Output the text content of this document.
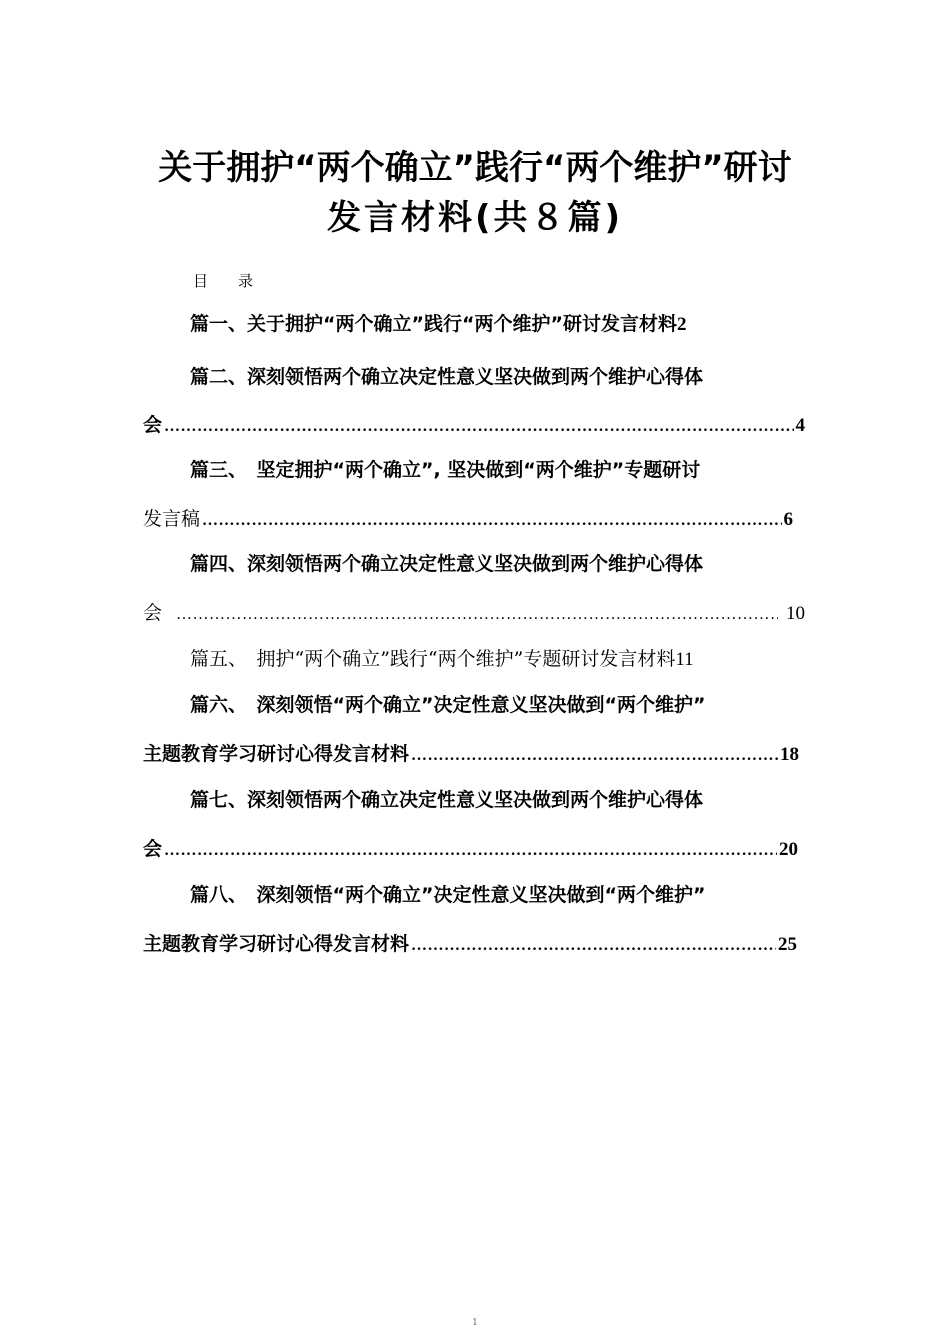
关于拥护“两个确立”践行“两个维护”研讨
发言材料(共８篇)
目　　录
篇一、关于拥护“两个确立”践行“两个维护”研讨发言材料2
篇二、深刻领悟两个确立决定性意义坚决做到两个维护心得体
会 ……………………………………………………………………………………………………………………………………	4
篇三、　坚定拥护“两个确立”, 坚决做到“两个维护”专题研讨
发言稿 ……………………………………………………………………………………………………………………………………	6
篇四、深刻领悟两个确立决定性意义坚决做到两个维护心得体
会 ……………………………………………………………………………………………………………………………………	10
篇五、　拥护“两个确立”践行“两个维护”专题研讨发言材料11
篇六、　深刻领悟“两个确立”决定性意义坚决做到“两个维护”
主题教育学习研讨心得发言材料 ……………………………………………………………………………………………………………………………………	18
篇七、深刻领悟两个确立决定性意义坚决做到两个维护心得体
会 ……………………………………………………………………………………………………………………………………	20
篇八、　深刻领悟“两个确立”决定性意义坚决做到“两个维护”
主题教育学习研讨心得发言材料 ……………………………………………………………………………………………………………………………………	25
1
